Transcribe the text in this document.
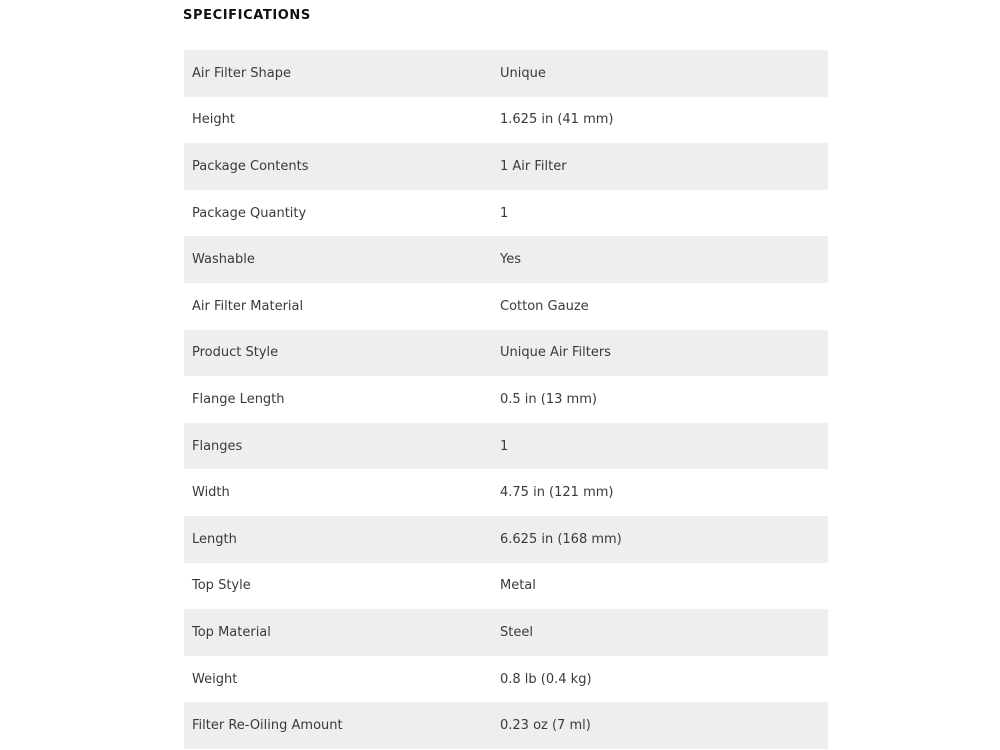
SPECIFICATIONS
Air Filter Shape	Unique
Height	1.625 in (41 mm)
Package Contents	1 Air Filter
Package Quantity	1
Washable	Yes
Air Filter Material	Cotton Gauze
Product Style	Unique Air Filters
Flange Length	0.5 in (13 mm)
Flanges	1
Width	4.75 in (121 mm)
Length	6.625 in (168 mm)
Top Style	Metal
Top Material	Steel
Weight	0.8 lb (0.4 kg)
Filter Re-Oiling Amount	0.23 oz (7 ml)
